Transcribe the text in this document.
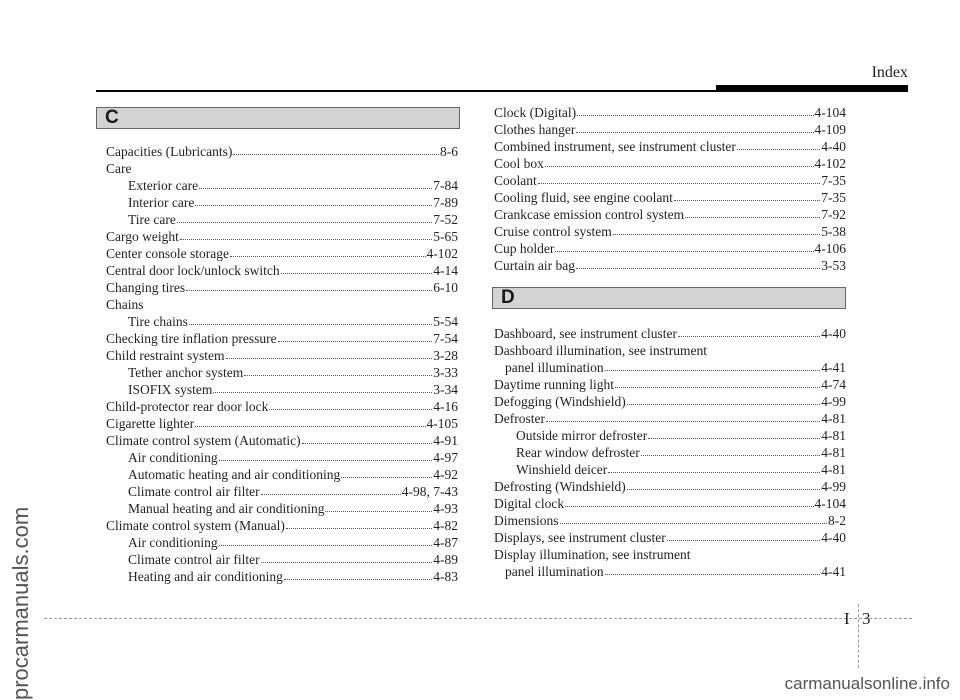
Index
C
Capacities (Lubricants)	8-6
Care
Exterior care	7-84
Interior care	7-89
Tire care	7-52
Cargo weight	5-65
Center console storage	4-102
Central door lock/unlock switch	4-14
Changing tires	6-10
Chains
Tire chains	5-54
Checking tire inflation pressure	7-54
Child restraint system	3-28
Tether anchor system	3-33
ISOFIX system	3-34
Child-protector rear door lock	4-16
Cigarette lighter	4-105
Climate control system (Automatic)	4-91
Air conditioning	4-97
Automatic heating and air conditioning	4-92
Climate control air filter	4-98, 7-43
Manual heating and air conditioning	4-93
Climate control system (Manual)	4-82
Air conditioning	4-87
Climate control air filter	4-89
Heating and air conditioning	4-83
Clock (Digital)	4-104
Clothes hanger	4-109
Combined instrument, see instrument cluster	4-40
Cool box	4-102
Coolant	7-35
Cooling fluid, see engine coolant	7-35
Crankcase emission control system	7-92
Cruise control system	5-38
Cup holder	4-106
Curtain air bag	3-53
D
Dashboard, see instrument cluster	4-40
Dashboard illumination, see instrument
panel illumination	4-41
Daytime running light	4-74
Defogging (Windshield)	4-99
Defroster	4-81
Outside mirror defroster	4-81
Rear window defroster	4-81
Winshield deicer	4-81
Defrosting (Windshield)	4-99
Digital clock	4-104
Dimensions	8-2
Displays, see instrument cluster	4-40
Display illumination, see instrument
panel illumination	4-41
procarmanuals.com	I 3
carmanualsonline.info
